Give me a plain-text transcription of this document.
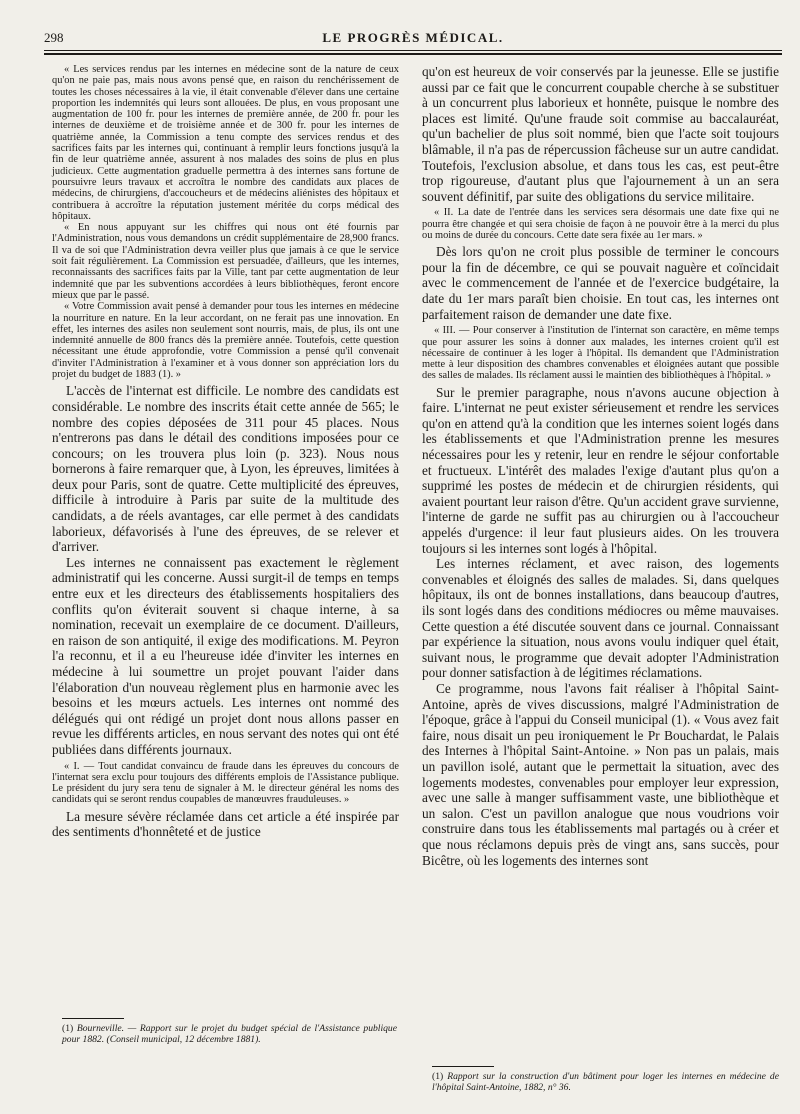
298	LE PROGRÈS MÉDICAL.

« Les services rendus par les internes en médecine sont de la nature de ceux qu'on ne paie pas, mais nous avons pensé que, en raison du renchérissement de toutes les choses nécessaires à la vie, il était convenable d'élever dans une certaine proportion les indemnités qui leurs sont allouées. De plus, en vous proposant une augmentation de 100 fr. pour les internes de première année, de 200 fr. pour les internes de deuxième et de troisième année et de 300 fr. pour les internes de quatrième année, la Commission a tenu compte des services rendus et des sacrifices faits par les internes qui, continuant à remplir leurs fonctions jusqu'à la fin de leur quatrième année, assurent à nos malades des soins de plus en plus judicieux. Cette augmentation graduelle permettra à des internes sans fortune de poursuivre leurs travaux et accroîtra le nombre des candidats aux places de médecins, de chirurgiens, d'accoucheurs et de médecins aliénistes des hôpitaux et contribuera à accroître la réputation justement méritée du corps médical des hôpitaux.

« En nous appuyant sur les chiffres qui nous ont été fournis par l'Administration, nous vous demandons un crédit supplémentaire de 28,900 francs. Il va de soi que l'Administration devra veiller plus que jamais à ce que le service soit fait régulièrement. La Commission est persuadée, d'ailleurs, que les internes, reconnaissants des sacrifices faits par la Ville, tant par cette augmentation de leur indemnité que par les subventions accordées à leurs bibliothèques, feront encore mieux que par le passé.

« Votre Commission avait pensé à demander pour tous les internes en médecine la nourriture en nature. En la leur accordant, on ne ferait pas une innovation. En effet, les internes des asiles non seulement sont nourris, mais, de plus, ils ont une indemnité annuelle de 800 francs dès la première année. Toutefois, cette question nécessitant une étude approfondie, votre Commission a pensé qu'il convenait d'inviter l'Administration à l'examiner et à vous donner son appréciation lors du projet du budget de 1883 (1). »

L'accès de l'internat est difficile. Le nombre des candidats est considérable. Le nombre des inscrits était cette année de 565; le nombre des copies déposées de 311 pour 45 places. Nous n'entrerons pas dans le détail des conditions imposées pour ce concours; on les trouvera plus loin (p. 323). Nous nous bornerons à faire remarquer que, à Lyon, les épreuves, limitées à deux pour Paris, sont de quatre. Cette multiplicité des épreuves, difficile à introduire à Paris par suite de la multitude des candidats, a de réels avantages, car elle permet à des candidats laborieux, défavorisés à l'une des épreuves, de se relever et d'arriver.

Les internes ne connaissent pas exactement le règlement administratif qui les concerne. Aussi surgit-il de temps en temps entre eux et les directeurs des établissements hospitaliers des conflits qu'on éviterait souvent si chaque interne, à sa nomination, recevait un exemplaire de ce document. D'ailleurs, en raison de son antiquité, il exige des modifications. M. Peyron l'a reconnu, et il a eu l'heureuse idée d'inviter les internes en médecine à lui soumettre un projet pouvant l'aider dans l'élaboration d'un nouveau règlement plus en harmonie avec les besoins et les mœurs actuels. Les internes ont nommé des délégués qui ont rédigé un projet dont nous allons passer en revue les différents articles, en nous servant des notes qui ont été publiées dans différents journaux.

« I. — Tout candidat convaincu de fraude dans les épreuves du concours de l'internat sera exclu pour toujours des différents emplois de l'Assistance publique. Le président du jury sera tenu de signaler à M. le directeur général les noms des candidats qui se seront rendus coupables de manœuvres frauduleuses. »

La mesure sévère réclamée dans cet article a été inspirée par des sentiments d'honnêteté et de justice

qu'on est heureux de voir conservés par la jeunesse. Elle se justifie aussi par ce fait que le concurrent coupable cherche à se substituer à un concurrent plus laborieux et honnête, puisque le nombre des places est limité. Qu'une fraude soit commise au baccalauréat, qu'un bachelier de plus soit nommé, bien que l'acte soit toujours blâmable, il n'a pas de répercussion fâcheuse sur un autre candidat. Toutefois, l'exclusion absolue, et dans tous les cas, est peut-être trop rigoureuse, d'autant plus que l'ajournement à un an sera souvent définitif, par suite des obligations du service militaire.

« II. La date de l'entrée dans les services sera désormais une date fixe qui ne pourra être changée et qui sera choisie de façon à ne pouvoir être à la merci du plus ou moins de durée du concours. Cette date sera fixée au 1er mars. »

Dès lors qu'on ne croit plus possible de terminer le concours pour la fin de décembre, ce qui se pouvait naguère et coïncidait avec le commencement de l'année et de l'exercice budgétaire, la date du 1er mars paraît bien choisie. En tout cas, les internes ont parfaitement raison de demander une date fixe.

« III. — Pour conserver à l'institution de l'internat son caractère, en même temps que pour assurer les soins à donner aux malades, les internes croient qu'il est nécessaire de continuer à les loger à l'hôpital. Ils demandent que l'Administration mette à leur disposition des chambres convenables et éloignées autant que possible des salles de malades. Ils réclament aussi le maintien des bibliothèques à l'hôpital. »

Sur le premier paragraphe, nous n'avons aucune objection à faire. L'internat ne peut exister sérieusement et rendre les services qu'on en attend qu'à la condition que les internes soient logés dans les établissements et que l'Administration prenne les mesures nécessaires pour les y retenir, leur en rendre le séjour confortable et fructueux. L'intérêt des malades l'exige d'autant plus qu'on a supprimé les postes de médecin et de chirurgien résidents, qui avaient pourtant leur raison d'être. Qu'un accident grave survienne, l'interne de garde ne suffit pas au chirurgien ou à l'accoucheur appelés d'urgence: il leur faut plusieurs aides. On les trouvera toujours si les internes sont logés à l'hôpital.

Les internes réclament, et avec raison, des logements convenables et éloignés des salles de malades. Si, dans quelques hôpitaux, ils ont de bonnes installations, dans beaucoup d'autres, ils sont logés dans des conditions médiocres ou même mauvaises. Cette question a été discutée souvent dans ce journal. Connaissant par expérience la situation, nous avons voulu indiquer quel était, suivant nous, le programme que devait adopter l'Administration pour donner satisfaction à de légitimes réclamations.

Ce programme, nous l'avons fait réaliser à l'hôpital Saint-Antoine, après de vives discussions, malgré l'Administration de l'époque, grâce à l'appui du Conseil municipal (1). « Vous avez fait faire, nous disait un peu ironiquement le Pr Bouchardat, le Palais des Internes à l'hôpital Saint-Antoine. » Non pas un palais, mais un pavillon isolé, autant que le permettait la situation, avec des logements modestes, convenables pour employer leur expression, avec une salle à manger suffisamment vaste, une bibliothèque et un salon. C'est un pavillon analogue que nous voudrions voir construire dans tous les établissements mal partagés ou à créer et que nous réclamons depuis près de vingt ans, sans succès, pour Bicêtre, où les logements des internes sont

(1) Bourneville. — Rapport sur le projet du budget spécial de l'Assistance publique pour 1882. (Conseil municipal, 12 décembre 1881).
(1) Rapport sur la construction d'un bâtiment pour loger les internes en médecine de l'hôpital Saint-Antoine, 1882, n° 36.
